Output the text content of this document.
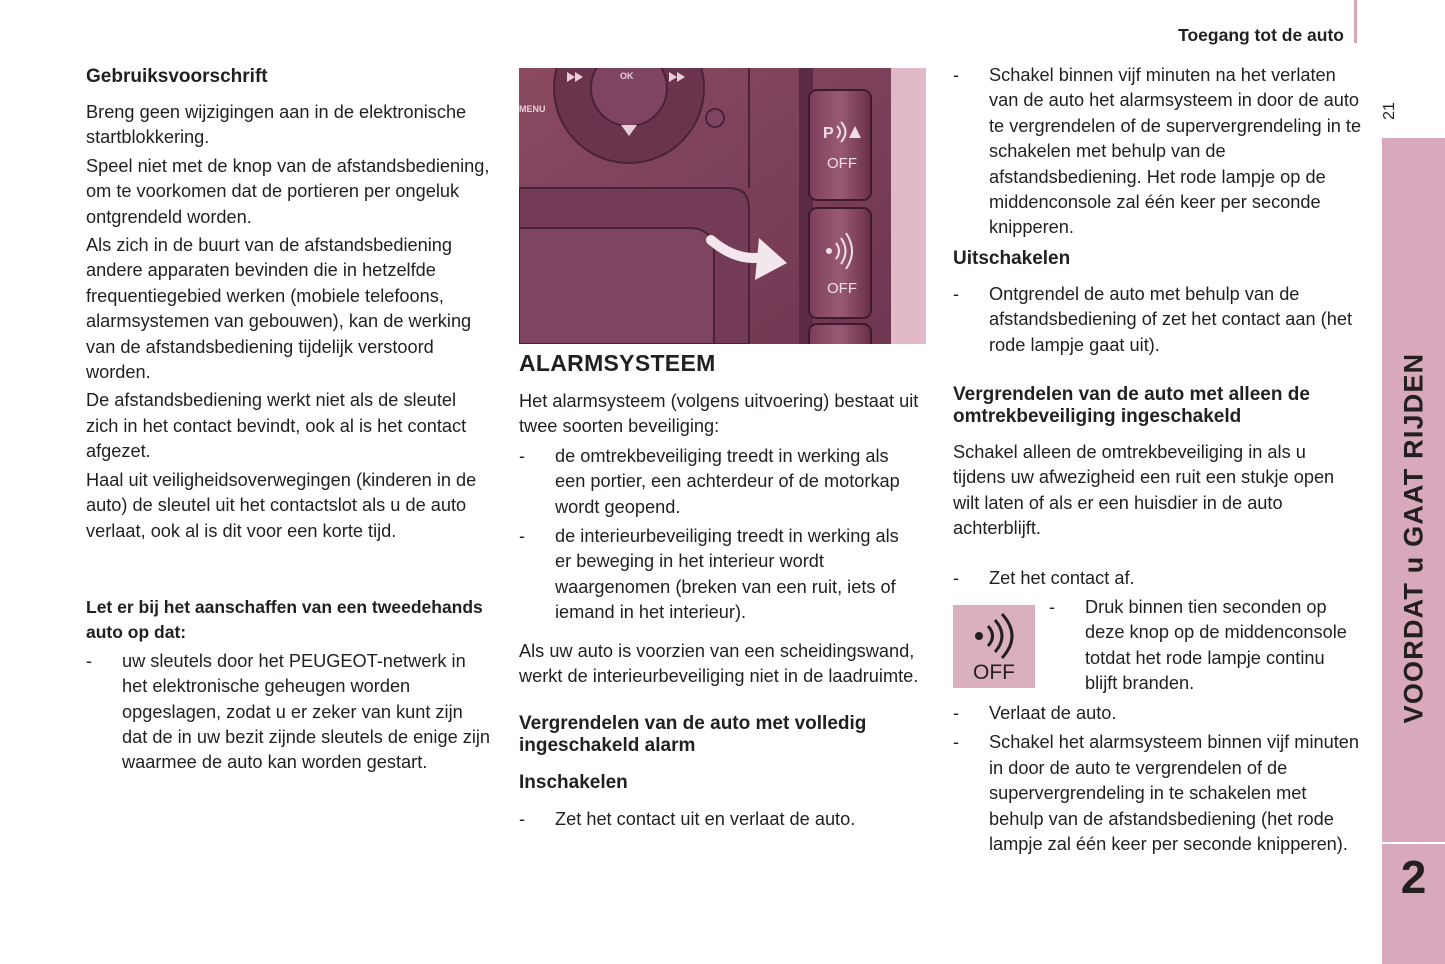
Toegang tot de auto
21
VOORDAT u GAAT RIJDEN
2

Gebruiksvoorschrift

Breng geen wijzigingen aan in de elektronische startblokkering.

Speel niet met de knop van de afstandsbediening, om te voorkomen dat de portieren per ongeluk ontgrendeld worden.

Als zich in de buurt van de afstandsbediening andere apparaten bevinden die in hetzelfde frequentiegebied werken (mobiele telefoons, alarmsystemen van gebouwen), kan de werking van de afstandsbediening tijdelijk verstoord worden.

De afstandsbediening werkt niet als de sleutel zich in het contact bevindt, ook al is het contact afgezet.

Haal uit veiligheidsoverwegingen (kinderen in de auto) de sleutel uit het contactslot als u de auto verlaat, ook al is dit voor een korte tijd.

Let er bij het aanschaffen van een tweedehands auto op dat:

- uw sleutels door het PEUGEOT-netwerk in het elektronische geheugen worden opgeslagen, zodat u er zeker van kunt zijn dat de in uw bezit zijnde sleutels de enige zijn waarmee de auto kan worden gestart.
OK
MENU
P
OFF
OFF

ALARMSYSTEEM

Het alarmsysteem (volgens uitvoering) bestaat uit twee soorten beveiliging:

- de omtrekbeveiliging treedt in werking als een portier, een achterdeur of de motorkap wordt geopend.
- de interieurbeveiliging treedt in werking als er beweging in het interieur wordt waargenomen (breken van een ruit, iets of iemand in het interieur).

Als uw auto is voorzien van een scheidingswand, werkt de interieurbeveiliging niet in de laadruimte.

Vergrendelen van de auto met volledig ingeschakeld alarm

Inschakelen

- Zet het contact uit en verlaat de auto.
- Schakel binnen vijf minuten na het verlaten van de auto het alarmsysteem in door de auto te vergrendelen of de supervergrendeling in te schakelen met behulp van de afstandsbediening. Het rode lampje op de middenconsole zal één keer per seconde knipperen.

Uitschakelen

- Ontgrendel de auto met behulp van de afstandsbediening of zet het contact aan (het rode lampje gaat uit).

Vergrendelen van de auto met alleen de omtrekbeveiliging ingeschakeld

Schakel alleen de omtrekbeveiliging in als u tijdens uw afwezigheid een ruit een stukje open wilt laten of als er een huisdier in de auto achterblijft.

- Zet het contact af.
OFF
- Druk binnen tien seconden op deze knop op de middenconsole totdat het rode lampje continu blijft branden.
- Verlaat de auto.
- Schakel het alarmsysteem binnen vijf minuten in door de auto te vergrendelen of de supervergrendeling in te schakelen met behulp van de afstandsbediening (het rode lampje zal één keer per seconde knipperen).
